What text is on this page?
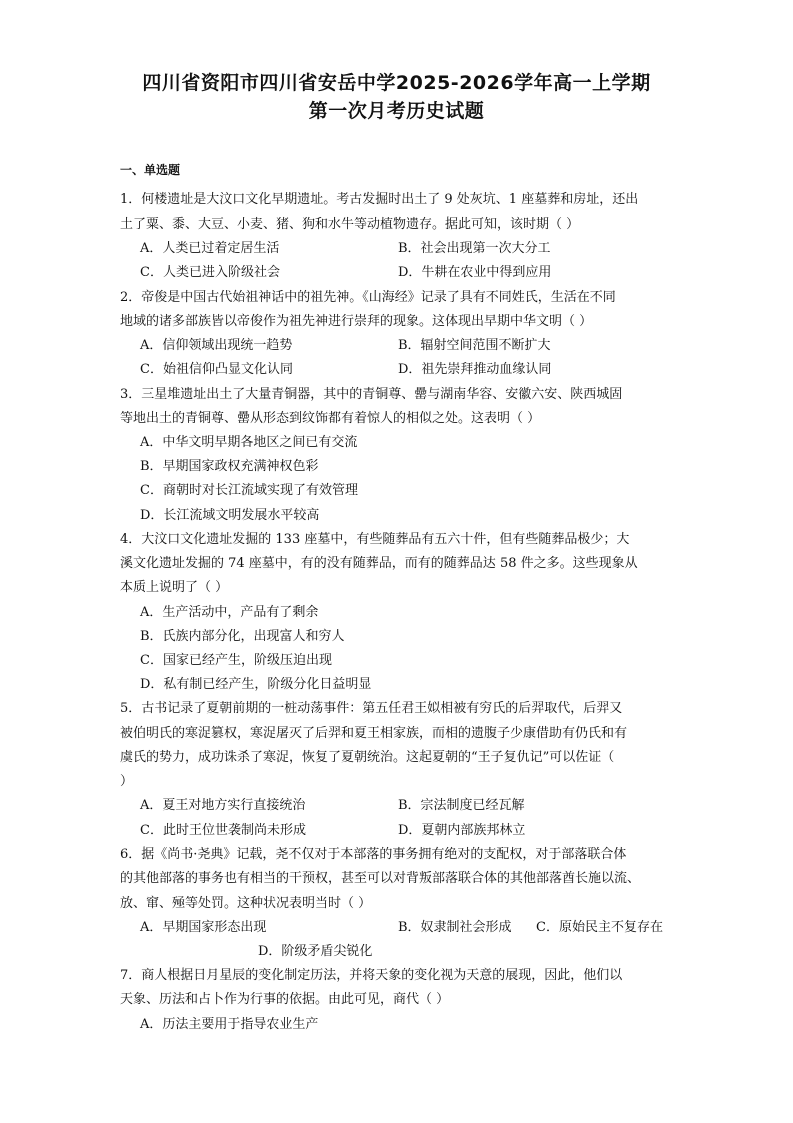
四川省资阳市四川省安岳中学2025-2026学年高一上学期
第一次月考历史试题
一、单选题
1．何楼遗址是大汶口文化早期遗址。考古发掘时出土了 9 处灰坑、1 座墓葬和房址，还出
土了粟、黍、大豆、小麦、猪、狗和水牛等动植物遗存。据此可知，该时期（ ）
A．人类已过着定居生活	B．社会出现第一次大分工
C．人类已进入阶级社会	D．牛耕在农业中得到应用
2．帝俊是中国古代始祖神话中的祖先神。《山海经》记录了具有不同姓氏，生活在不同
地域的诸多部族皆以帝俊作为祖先神进行崇拜的现象。这体现出早期中华文明（ ）
A．信仰领域出现统一趋势	B．辐射空间范围不断扩大
C．始祖信仰凸显文化认同	D．祖先崇拜推动血缘认同
3．三星堆遗址出土了大量青铜器，其中的青铜尊、罍与湖南华容、安徽六安、陕西城固
等地出土的青铜尊、罍从形态到纹饰都有着惊人的相似之处。这表明（ ）
A．中华文明早期各地区之间已有交流
B．早期国家政权充满神权色彩
C．商朝时对长江流域实现了有效管理
D．长江流域文明发展水平较高
4．大汶口文化遗址发掘的 133 座墓中，有些随葬品有五六十件，但有些随葬品极少；大
溪文化遗址发掘的 74 座墓中，有的没有随葬品，而有的随葬品达 58 件之多。这些现象从
本质上说明了（ ）
A．生产活动中，产品有了剩余
B．氏族内部分化，出现富人和穷人
C．国家已经产生，阶级压迫出现
D．私有制已经产生，阶级分化日益明显
5．古书记录了夏朝前期的一桩动荡事件：第五任君王姒相被有穷氏的后羿取代，后羿又
被伯明氏的寒浞篡权，寒浞屠灭了后羿和夏王相家族，而相的遗腹子少康借助有仍氏和有
虞氏的势力，成功诛杀了寒浞，恢复了夏朝统治。这起夏朝的“王子复仇记”可以佐证（
）
A．夏王对地方实行直接统治	B．宗法制度已经瓦解
C．此时王位世袭制尚未形成	D．夏朝内部族邦林立
6．据《尚书·尧典》记载，尧不仅对于本部落的事务拥有绝对的支配权，对于部落联合体
的其他部落的事务也有相当的干预权，甚至可以对背叛部落联合体的其他部落酋长施以流、
放、窜、殛等处罚。这种状况表明当时（ ）
A．早期国家形态出现	B．奴隶制社会形成 C．原始民主不复存在
D．阶级矛盾尖锐化
7．商人根据日月星辰的变化制定历法，并将天象的变化视为天意的展现，因此，他们以
天象、历法和占卜作为行事的依据。由此可见，商代（ ）
A．历法主要用于指导农业生产
